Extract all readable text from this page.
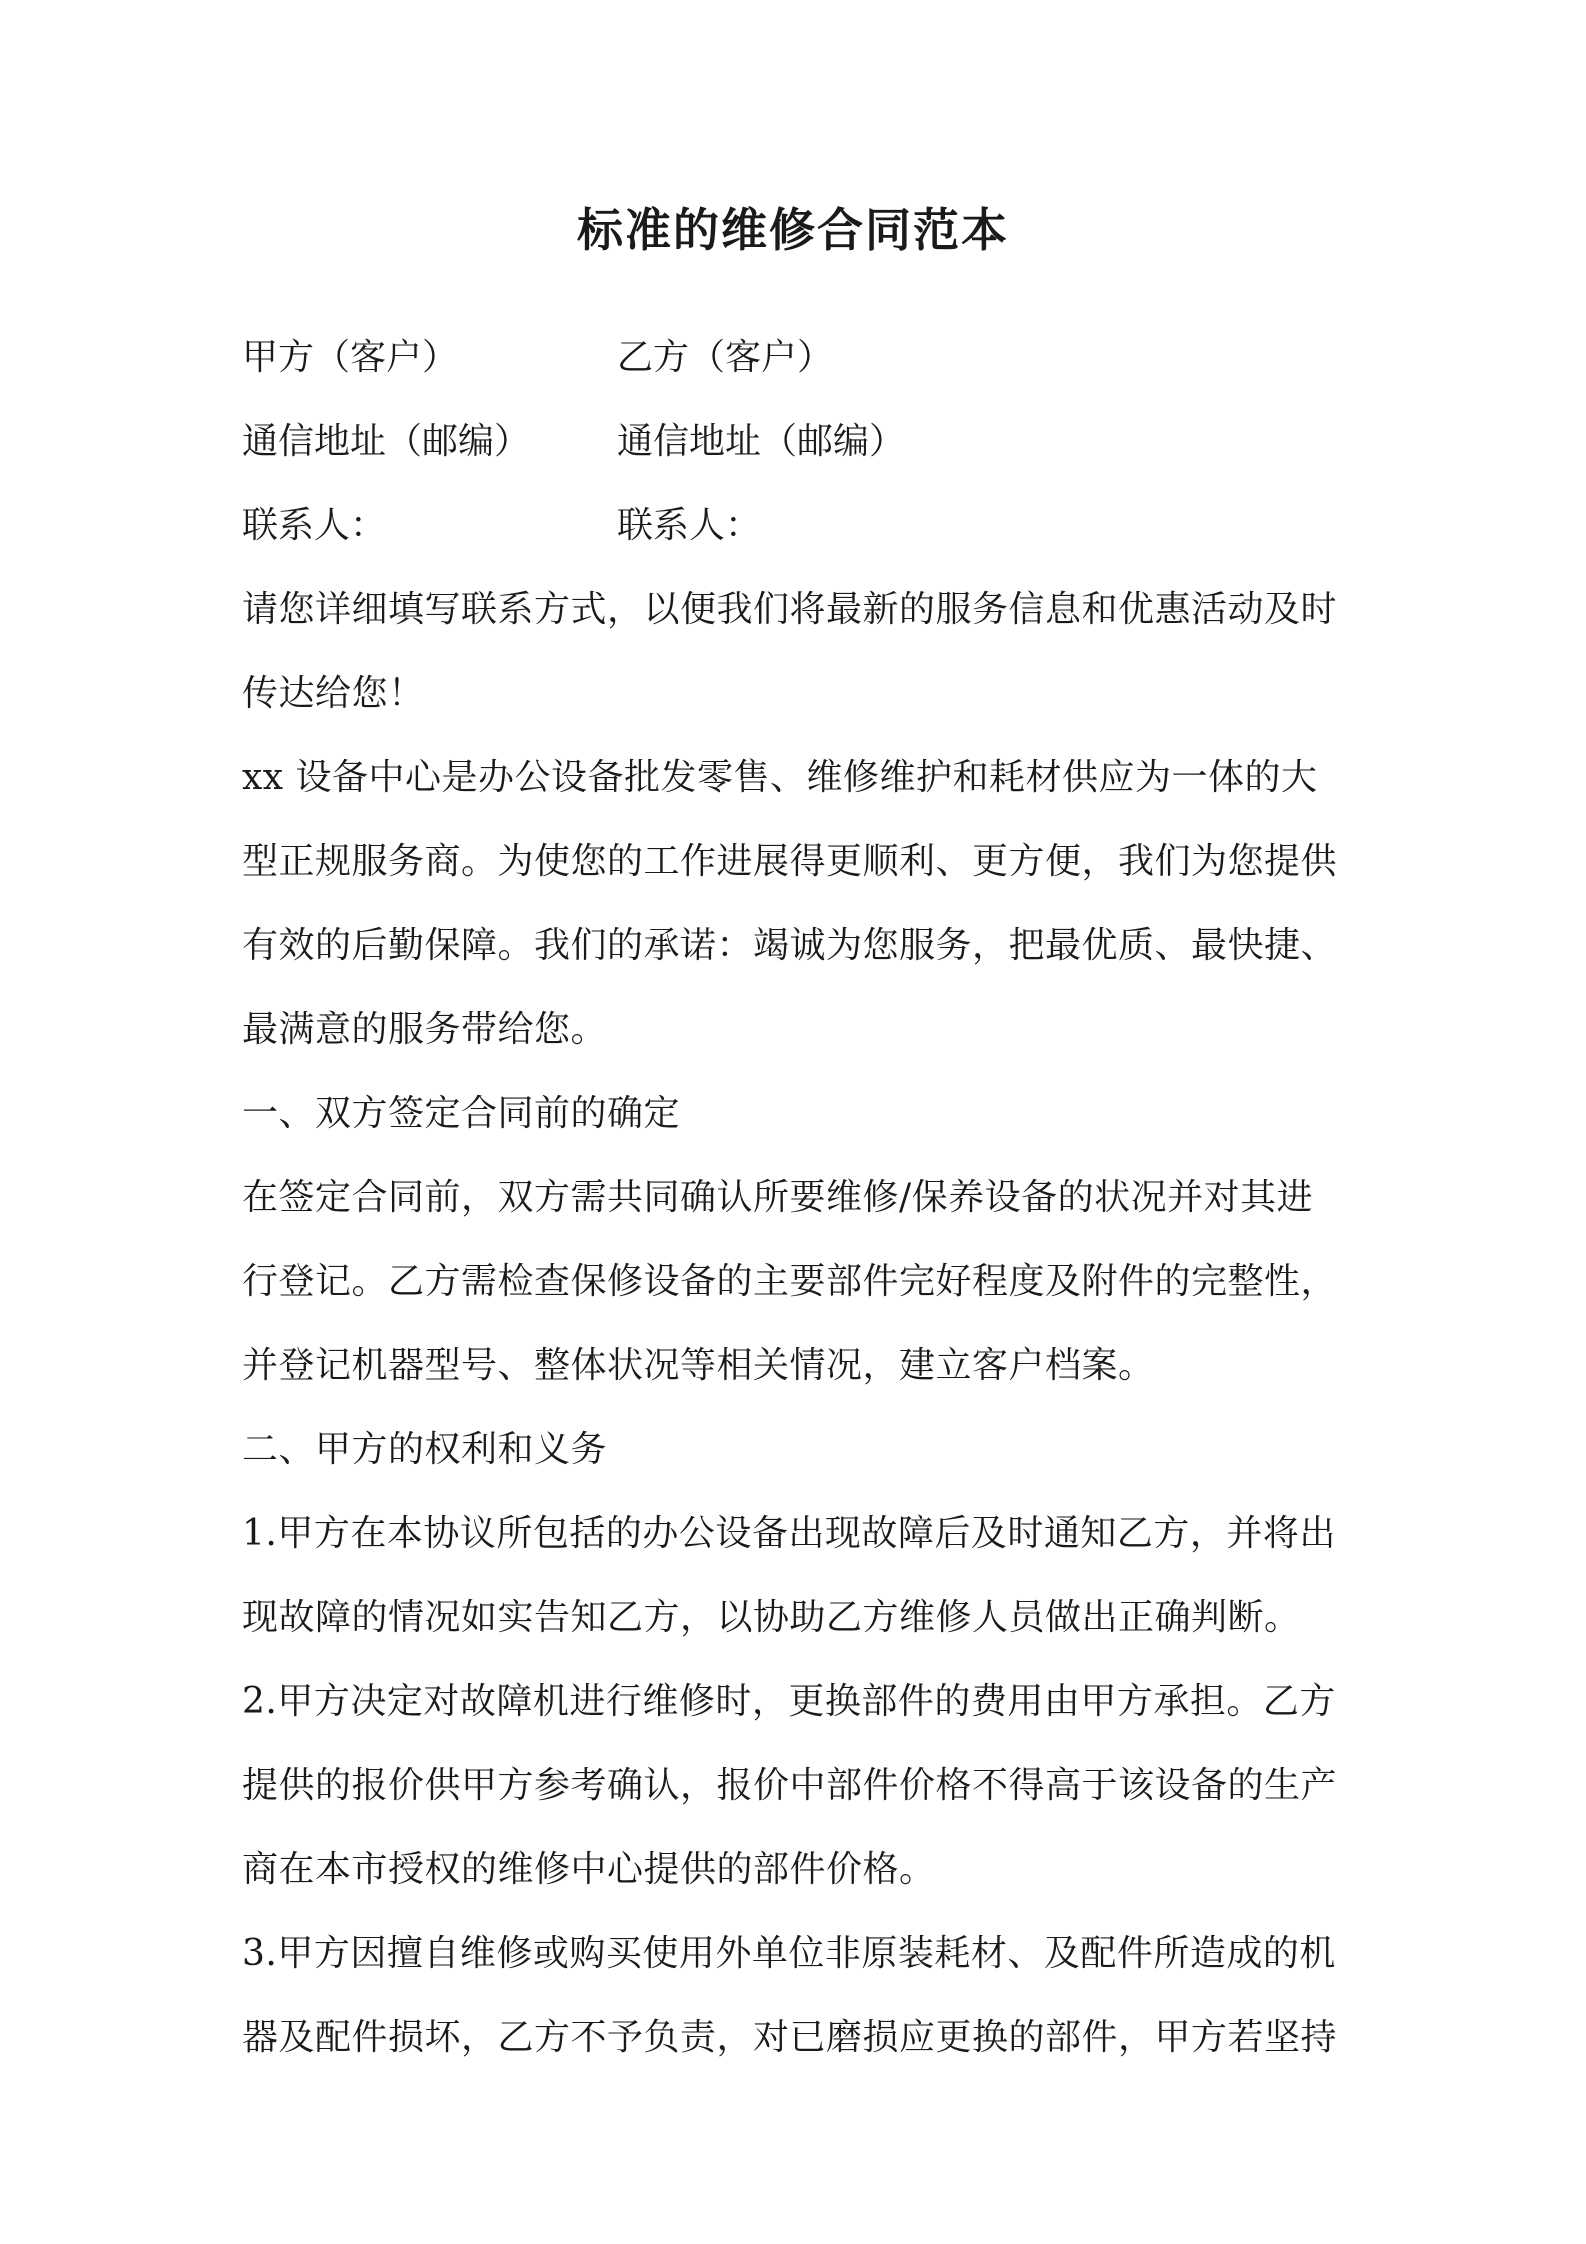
标准的维修合同范本
甲方（客户）	乙方（客户）
通信地址（邮编） 通信地址（邮编）
联系人：	联系人：
请您详细填写联系方式，以便我们将最新的服务信息和优惠活动及时
传达给您！
xx 设备中心是办公设备批发零售、维修维护和耗材供应为一体的大
型正规服务商。为使您的工作进展得更顺利、更方便，我们为您提供
有效的后勤保障。我们的承诺：竭诚为您服务，把最优质、最快捷、
最满意的服务带给您。
一、双方签定合同前的确定
在签定合同前，双方需共同确认所要维修/保养设备的状况并对其进
行登记。乙方需检查保修设备的主要部件完好程度及附件的完整性，
并登记机器型号、整体状况等相关情况，建立客户档案。
二、甲方的权利和义务
1.甲方在本协议所包括的办公设备出现故障后及时通知乙方，并将出
现故障的情况如实告知乙方，以协助乙方维修人员做出正确判断。
2.甲方决定对故障机进行维修时，更换部件的费用由甲方承担。乙方
提供的报价供甲方参考确认，报价中部件价格不得高于该设备的生产
商在本市授权的维修中心提供的部件价格。
3.甲方因擅自维修或购买使用外单位非原装耗材、及配件所造成的机
器及配件损坏，乙方不予负责，对已磨损应更换的部件，甲方若坚持
